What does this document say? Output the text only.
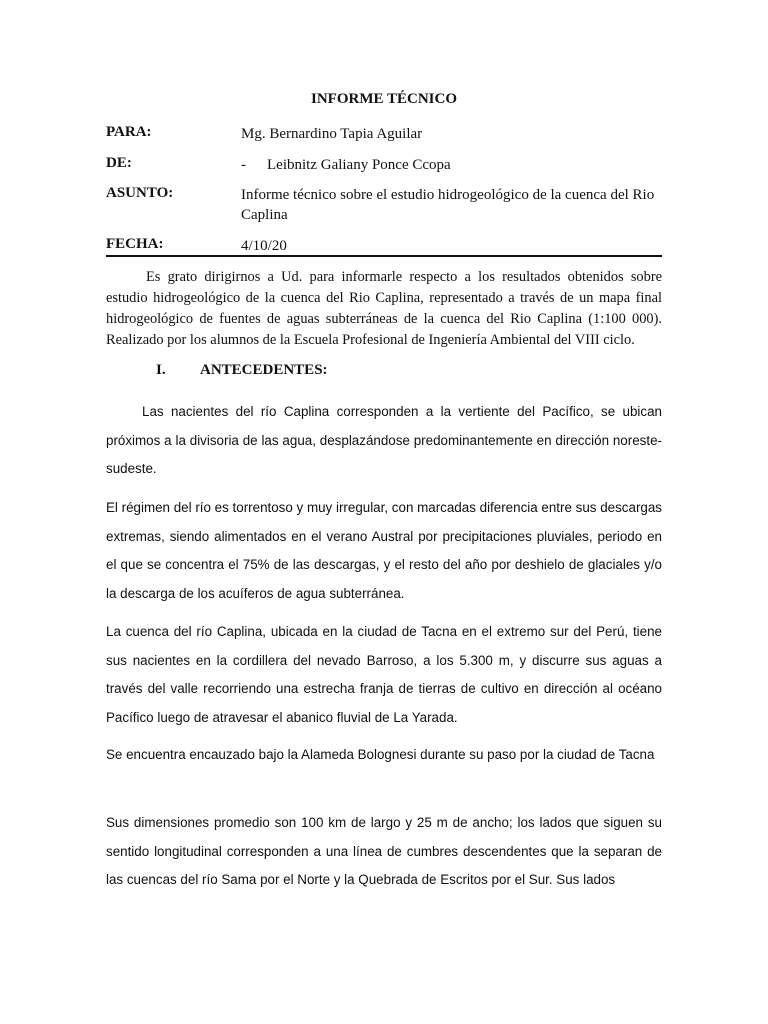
INFORME TÉCNICO
PARA:	Mg. Bernardino Tapia Aguilar
DE:	- Leibnitz Galiany Ponce Ccopa
ASUNTO:	Informe técnico sobre el estudio hidrogeológico de la cuenca del Rio Caplina
FECHA:	4/10/20
Es grato dirigirnos a Ud. para informarle respecto a los resultados obtenidos sobre estudio hidrogeológico de la cuenca del Rio Caplina, representado a través de un mapa final hidrogeológico de fuentes de aguas subterráneas de la cuenca del Rio Caplina (1:100 000). Realizado por los alumnos de la Escuela Profesional de Ingeniería Ambiental del VIII ciclo.
I. ANTECEDENTES:

Las nacientes del río Caplina corresponden a la vertiente del Pacífico, se ubican próximos a la divisoria de las agua, desplazándose predominantemente en dirección noreste-sudeste.

El régimen del río es torrentoso y muy irregular, con marcadas diferencia entre sus descargas extremas, siendo alimentados en el verano Austral por precipitaciones pluviales, periodo en el que se concentra el 75% de las descargas, y el resto del año por deshielo de glaciales y/o la descarga de los acuíferos de agua subterránea.

La cuenca del río Caplina, ubicada en la ciudad de Tacna en el extremo sur del Perú, tiene sus nacientes en la cordillera del nevado Barroso, a los 5.300 m, y discurre sus aguas a través del valle recorriendo una estrecha franja de tierras de cultivo en dirección al océano Pacífico luego de atravesar el abanico fluvial de La Yarada.

Se encuentra encauzado bajo la Alameda Bolognesi durante su paso por la ciudad de Tacna

Sus dimensiones promedio son 100 km de largo y 25 m de ancho; los lados que siguen su sentido longitudinal corresponden a una línea de cumbres descendentes que la separan de las cuencas del río Sama por el Norte y la Quebrada de Escritos por el Sur. Sus lados
